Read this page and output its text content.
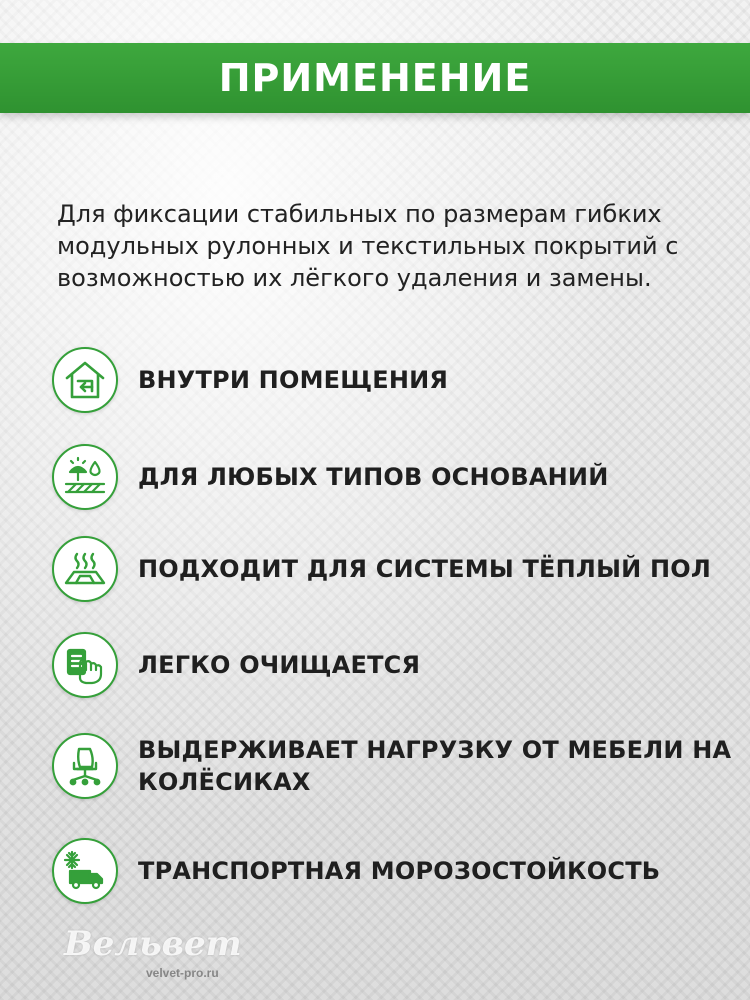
ПРИМЕНЕНИЕ
Для фиксации стабильных по размерам гибких модульных рулонных и текстильных покрытий с возможностью их лёгкого удаления и замены.
ВНУТРИ ПОМЕЩЕНИЯ
ДЛЯ ЛЮБЫХ ТИПОВ ОСНОВАНИЙ
ПОДХОДИТ ДЛЯ СИСТЕМЫ ТЁПЛЫЙ ПОЛ
ЛЕГКО ОЧИЩАЕТСЯ
ВЫДЕРЖИВАЕТ НАГРУЗКУ ОТ МЕБЕЛИ НА КОЛЁСИКАХ
ТРАНСПОРТНАЯ МОРОЗОСТОЙКОСТЬ
Вельвет
velvet-pro.ru
